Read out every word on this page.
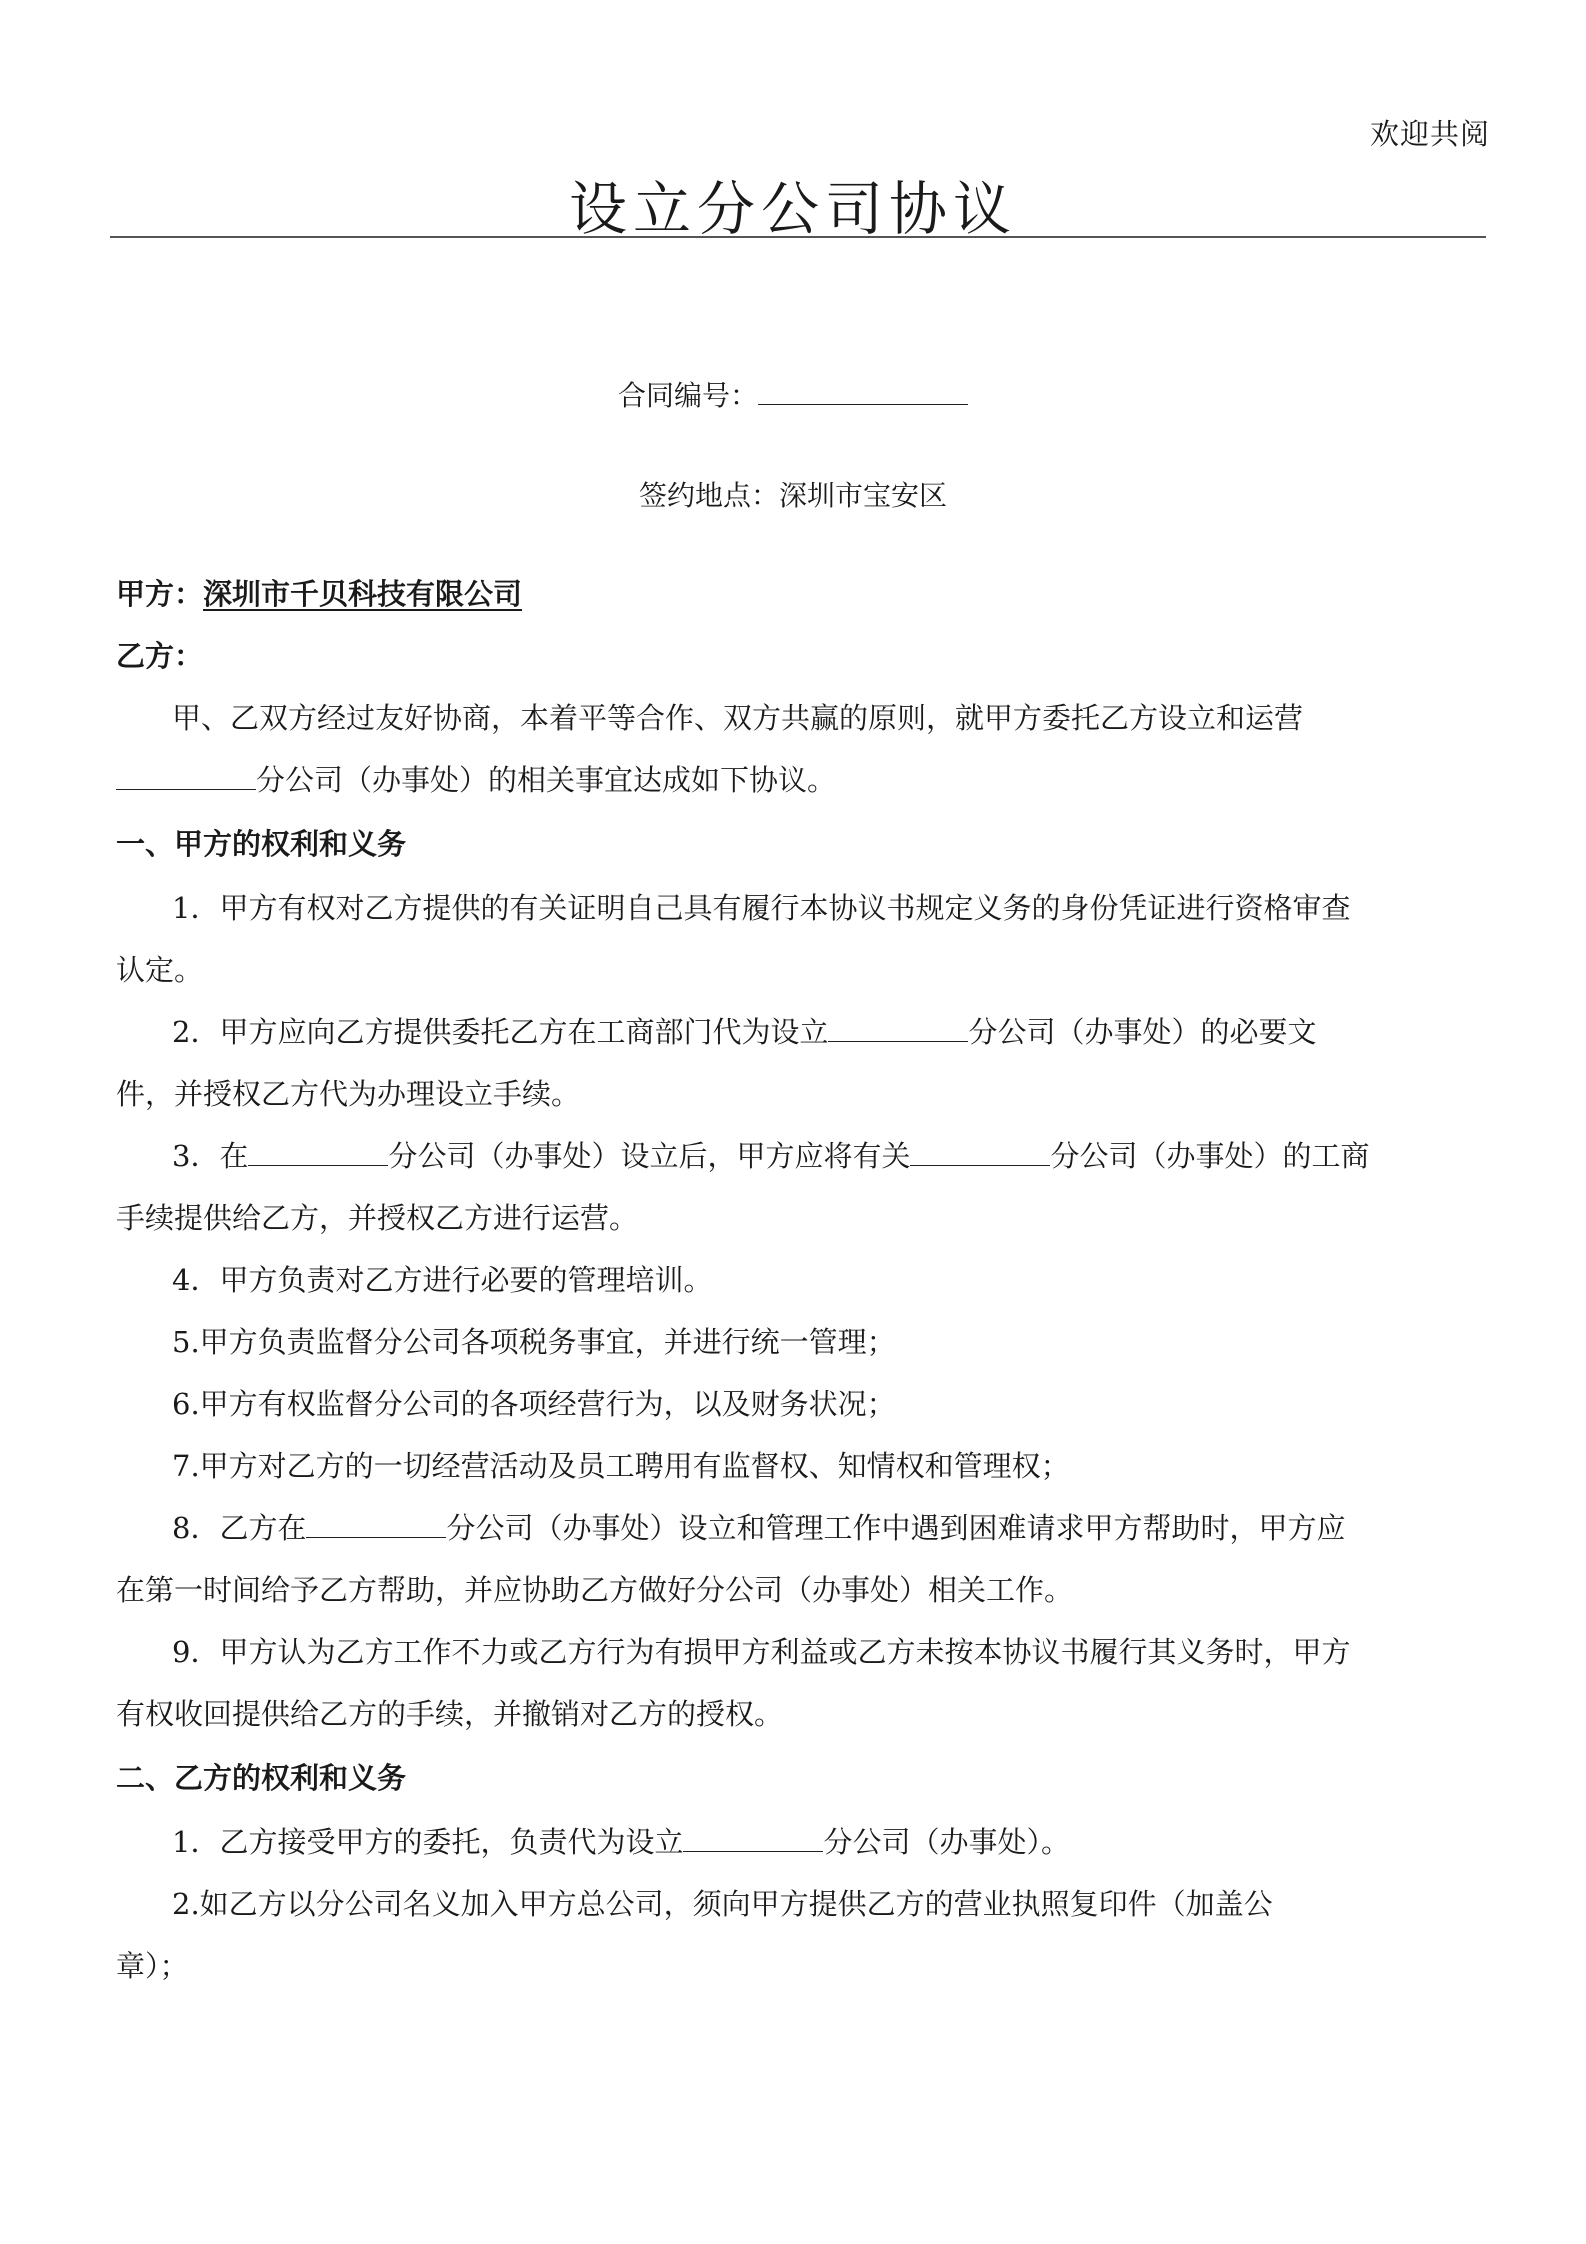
欢迎共阅
设立分公司协议
合同编号：
签约地点：深圳市宝安区
甲方：深圳市千贝科技有限公司
乙方：
甲、乙双方经过友好协商，本着平等合作、双方共赢的原则，就甲方委托乙方设立和运营
分公司（办事处）的相关事宜达成如下协议。
一、甲方的权利和义务
1．甲方有权对乙方提供的有关证明自己具有履行本协议书规定义务的身份凭证进行资格审查
认定。
2．甲方应向乙方提供委托乙方在工商部门代为设立	分公司（办事处）的必要文
件，并授权乙方代为办理设立手续。
3．在	分公司（办事处）设立后，甲方应将有关	分公司（办事处）的工商
手续提供给乙方，并授权乙方进行运营。
4．甲方负责对乙方进行必要的管理培训。
5.甲方负责监督分公司各项税务事宜，并进行统一管理；
6.甲方有权监督分公司的各项经营行为，以及财务状况；
7.甲方对乙方的一切经营活动及员工聘用有监督权、知情权和管理权；
8．乙方在	分公司（办事处）设立和管理工作中遇到困难请求甲方帮助时，甲方应
在第一时间给予乙方帮助，并应协助乙方做好分公司（办事处）相关工作。
9．甲方认为乙方工作不力或乙方行为有损甲方利益或乙方未按本协议书履行其义务时，甲方
有权收回提供给乙方的手续，并撤销对乙方的授权。
二、乙方的权利和义务
1．乙方接受甲方的委托，负责代为设立	分公司（办事处）。
2.如乙方以分公司名义加入甲方总公司，须向甲方提供乙方的营业执照复印件（加盖公
章）；
